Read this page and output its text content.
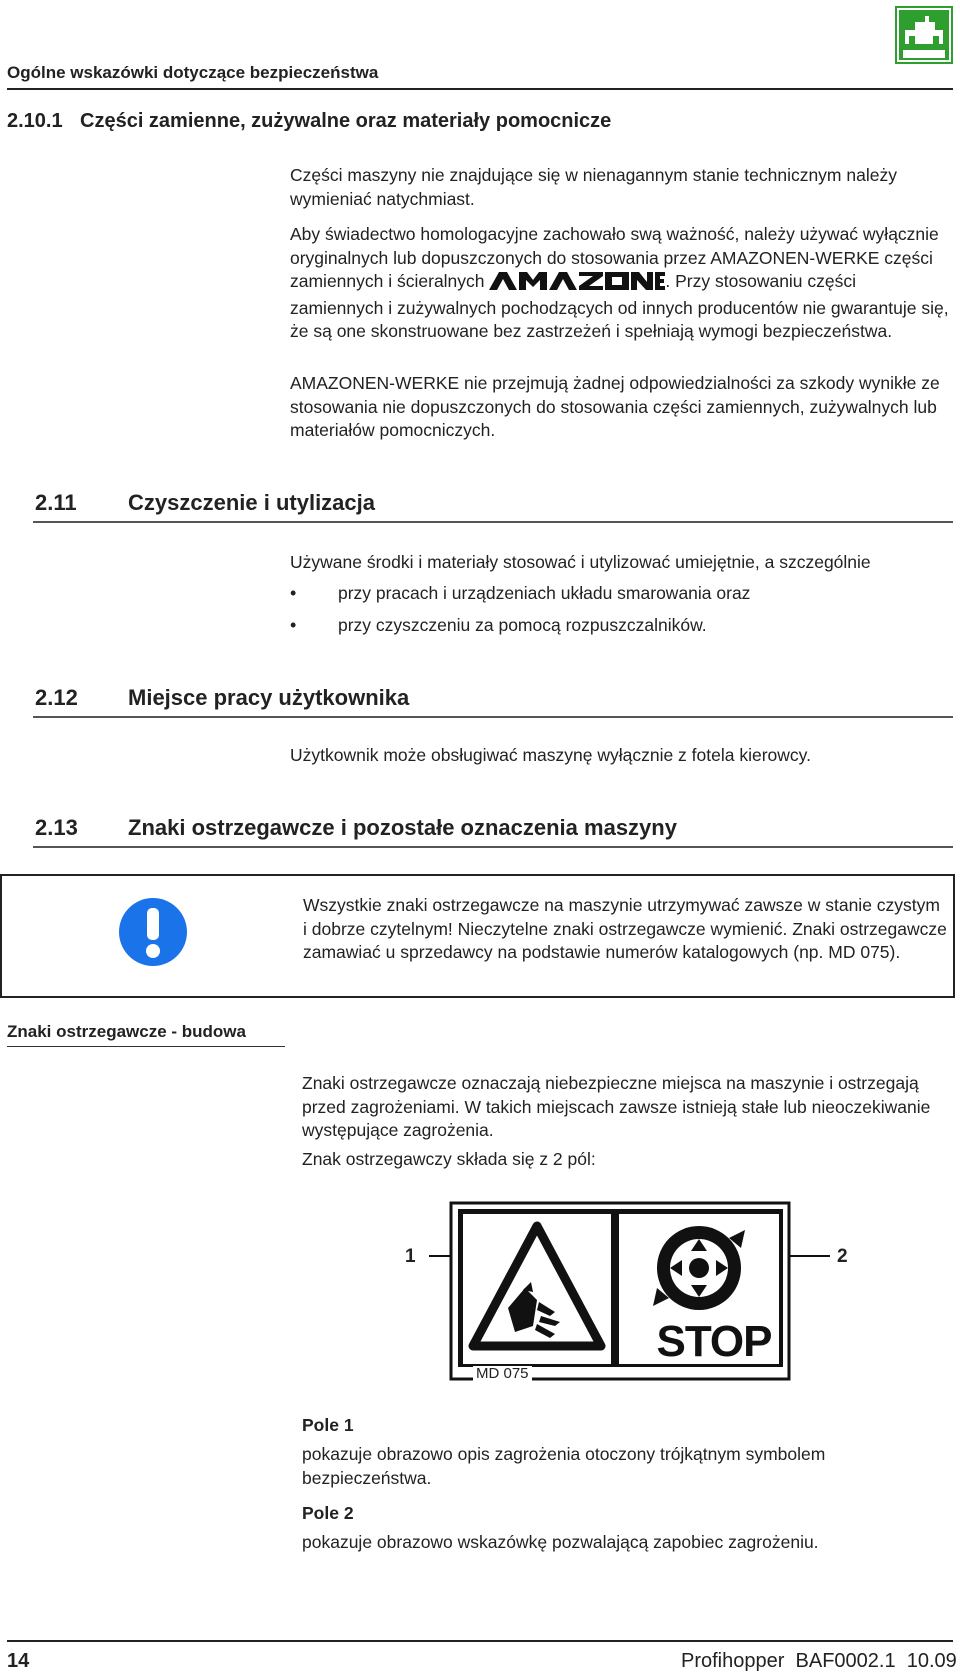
Ogólne wskazówki dotyczące bezpieczeństwa
2.10.1 Części zamienne, zużywalne oraz materiały pomocnicze
Części maszyny nie znajdujące się w nienagannym stanie technicznym należy wymieniać natychmiast.
Aby świadectwo homologacyjne zachowało swą ważność, należy używać wyłącznie oryginalnych lub dopuszczonych do stosowania przez AMAZONEN-WERKE części zamiennych i ścieralnych	. Przy stosowaniu części zamiennych i zużywalnych pochodzących od innych producentów nie gwarantuje się, że są one skonstruowane bez zastrzeżeń i spełniają wymogi bezpieczeństwa.
AMAZONEN-WERKE nie przejmują żadnej odpowiedzialności za szkody wynikłe ze stosowania nie dopuszczonych do stosowania części zamiennych, zużywalnych lub materiałów pomocniczych.
2.11 Czyszczenie i utylizacja
Używane środki i materiały stosować i utylizować umiejętnie, a szczególnie
• przy pracach i urządzeniach układu smarowania oraz
• przy czyszczeniu za pomocą rozpuszczalników.
2.12 Miejsce pracy użytkownika
Użytkownik może obsługiwać maszynę wyłącznie z fotela kierowcy.
2.13 Znaki ostrzegawcze i pozostałe oznaczenia maszyny
Wszystkie znaki ostrzegawcze na maszynie utrzymywać zawsze w stanie czystym i dobrze czytelnym! Nieczytelne znaki ostrzegawcze wymienić. Znaki ostrzegawcze zamawiać u sprzedawcy na podstawie numerów katalogowych (np. MD 075).
Znaki ostrzegawcze - budowa
Znaki ostrzegawcze oznaczają niebezpieczne miejsca na maszynie i ostrzegają przed zagrożeniami. W takich miejscach zawsze istnieją stałe lub nieoczekiwanie występujące zagrożenia.
Znak ostrzegawczy składa się z 2 pól:
1	2
STOP
MD 075
Pole 1
pokazuje obrazowo opis zagrożenia otoczony trójkątnym symbolem bezpieczeństwa.
Pole 2
pokazuje obrazowo wskazówkę pozwalającą zapobiec zagrożeniu.
14	Profihopper  BAF0002.1  10.09
